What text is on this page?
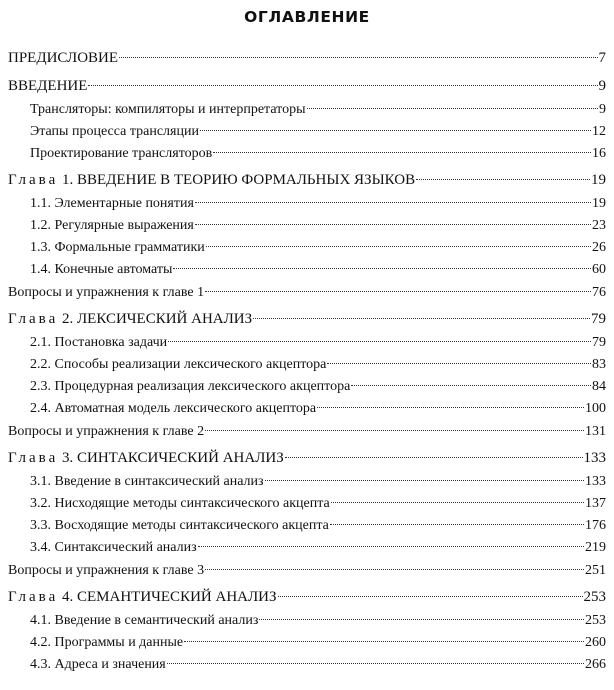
ОГЛАВЛЕНИЕ
ПРЕДИСЛОВИЕ	7
ВВЕДЕНИЕ	9
Трансляторы: компиляторы и интерпретаторы	9
Этапы процесса трансляции	12
Проектирование трансляторов	16
Глава 1. ВВЕДЕНИЕ В ТЕОРИЮ ФОРМАЛЬНЫХ ЯЗЫКОВ	19
1.1. Элементарные понятия	19
1.2. Регулярные выражения	23
1.3. Формальные грамматики	26
1.4. Конечные автоматы	60
Вопросы и упражнения к главе 1	76
Глава 2. ЛЕКСИЧЕСКИЙ АНАЛИЗ	79
2.1. Постановка задачи	79
2.2. Способы реализации лексического акцептора	83
2.3. Процедурная реализация лексического акцептора	84
2.4. Автоматная модель лексического акцептора	100
Вопросы и упражнения к главе 2	131
Глава 3. СИНТАКСИЧЕСКИЙ АНАЛИЗ	133
3.1. Введение в синтаксический анализ	133
3.2. Нисходящие методы синтаксического акцепта	137
3.3. Восходящие методы синтаксического акцепта	176
3.4. Синтаксический анализ	219
Вопросы и упражнения к главе 3	251
Глава 4. СЕМАНТИЧЕСКИЙ АНАЛИЗ	253
4.1. Введение в семантический анализ	253
4.2. Программы и данные	260
4.3. Адреса и значения	266
